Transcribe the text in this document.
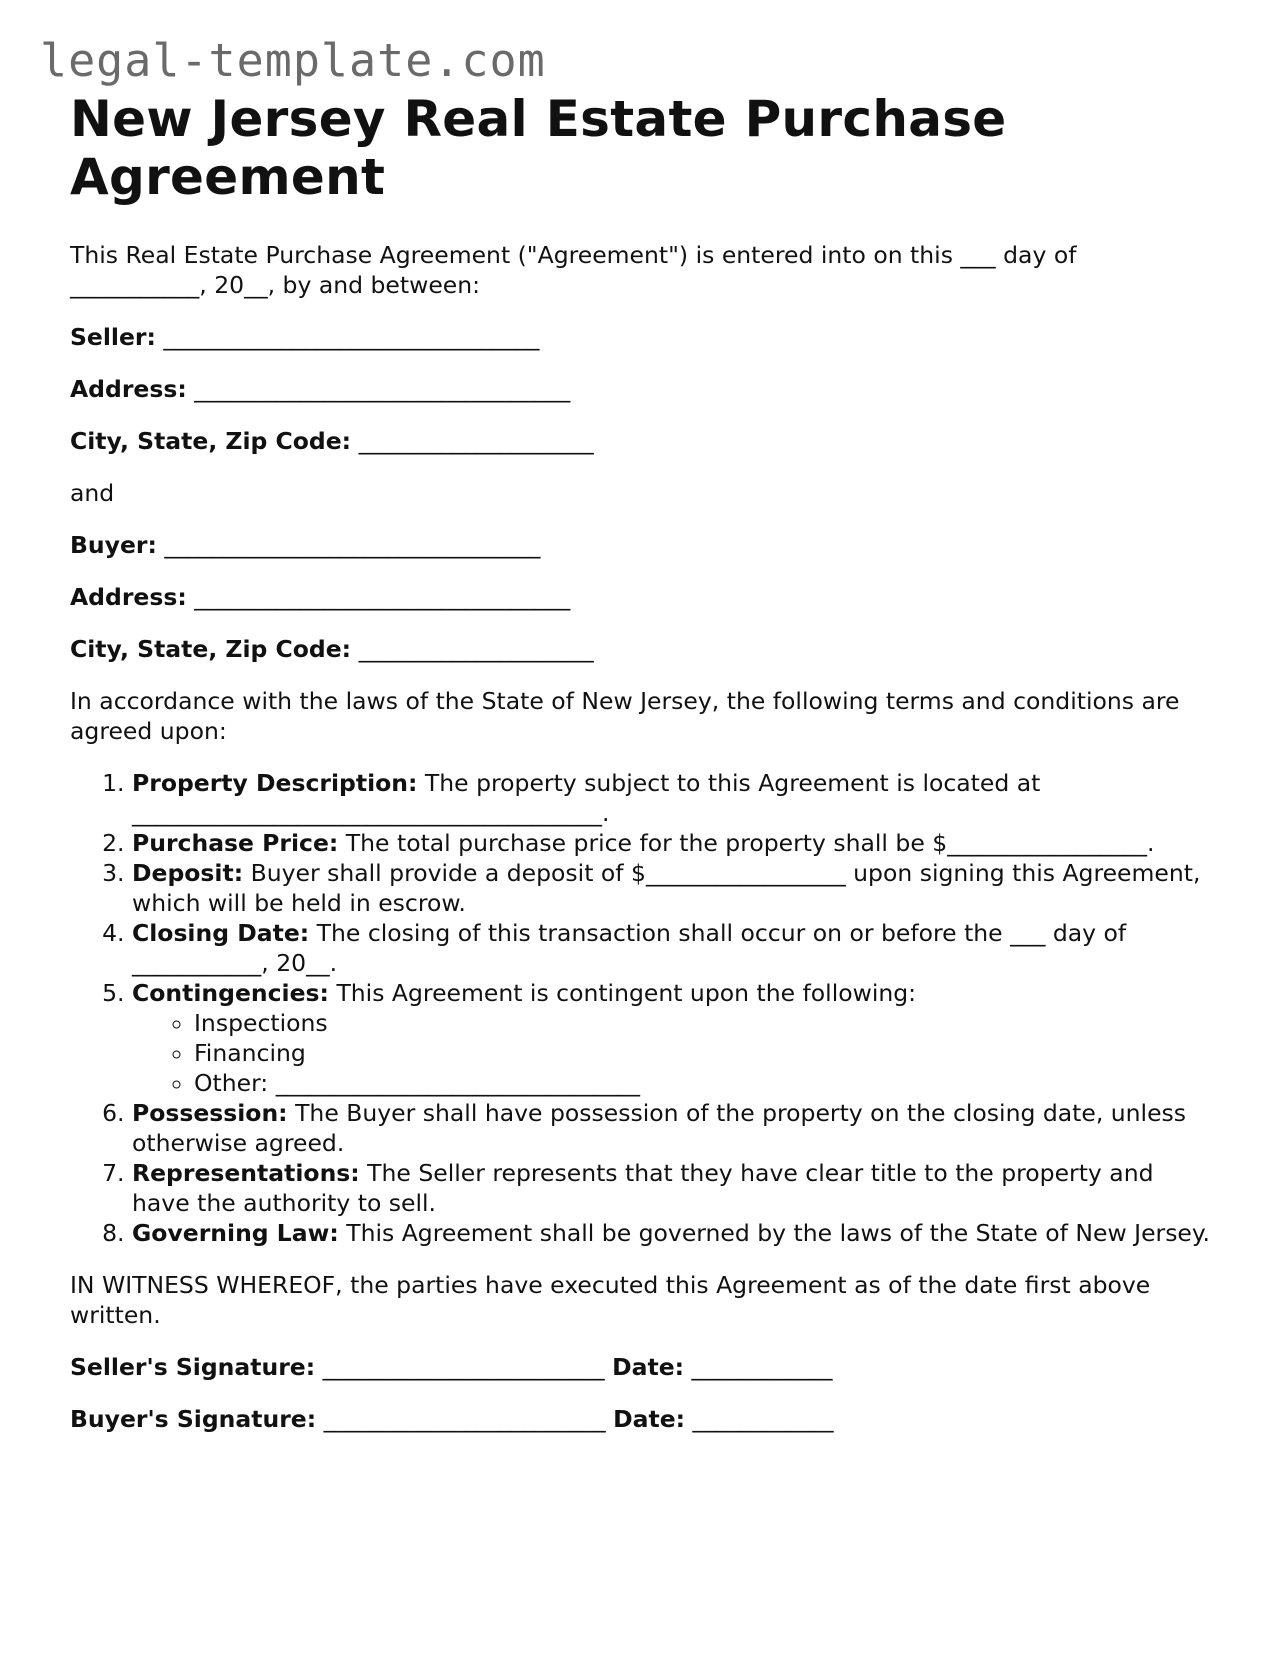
legal-template.com
New Jersey Real Estate Purchase Agreement

This Real Estate Purchase Agreement ("Agreement") is entered into on this ___ day of ___________, 20__, by and between:

Seller: ________________________________
Address: ________________________________
City, State, Zip Code: ____________________

and

Buyer: ________________________________
Address: ________________________________
City, State, Zip Code: ____________________

In accordance with the laws of the State of New Jersey, the following terms and conditions are agreed upon:

1. Property Description: The property subject to this Agreement is located at ________________________________________.
2. Purchase Price: The total purchase price for the property shall be $_________________.
3. Deposit: Buyer shall provide a deposit of $_________________ upon signing this Agreement, which will be held in escrow.
4. Closing Date: The closing of this transaction shall occur on or before the ___ day of ___________, 20__.
5. Contingencies: This Agreement is contingent upon the following:
◦ Inspections
◦ Financing
◦ Other: _______________________________
6. Possession: The Buyer shall have possession of the property on the closing date, unless otherwise agreed.
7. Representations: The Seller represents that they have clear title to the property and have the authority to sell.
8. Governing Law: This Agreement shall be governed by the laws of the State of New Jersey.

IN WITNESS WHEREOF, the parties have executed this Agreement as of the date first above written.

Seller's Signature: ________________________ Date: ____________
Buyer's Signature: ________________________ Date: ____________
